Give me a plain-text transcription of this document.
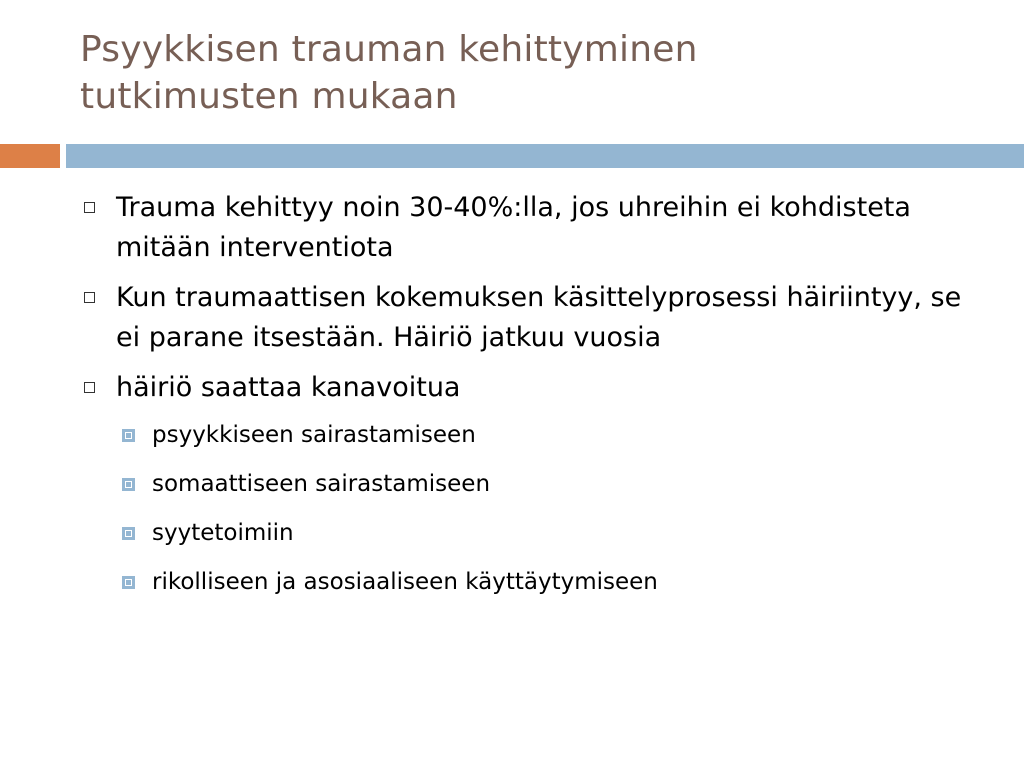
Psyykkisen trauman kehittyminen
tutkimusten mukaan
Trauma kehittyy noin 30-40%:lla, jos uhreihin ei kohdisteta mitään interventiota
Kun traumaattisen kokemuksen käsittelyprosessi häiriintyy, se ei parane itsestään. Häiriö jatkuu vuosia
häiriö saattaa kanavoitua
psyykkiseen sairastamiseen
somaattiseen sairastamiseen
syytetoimiin
rikolliseen ja asosiaaliseen käyttäytymiseen
